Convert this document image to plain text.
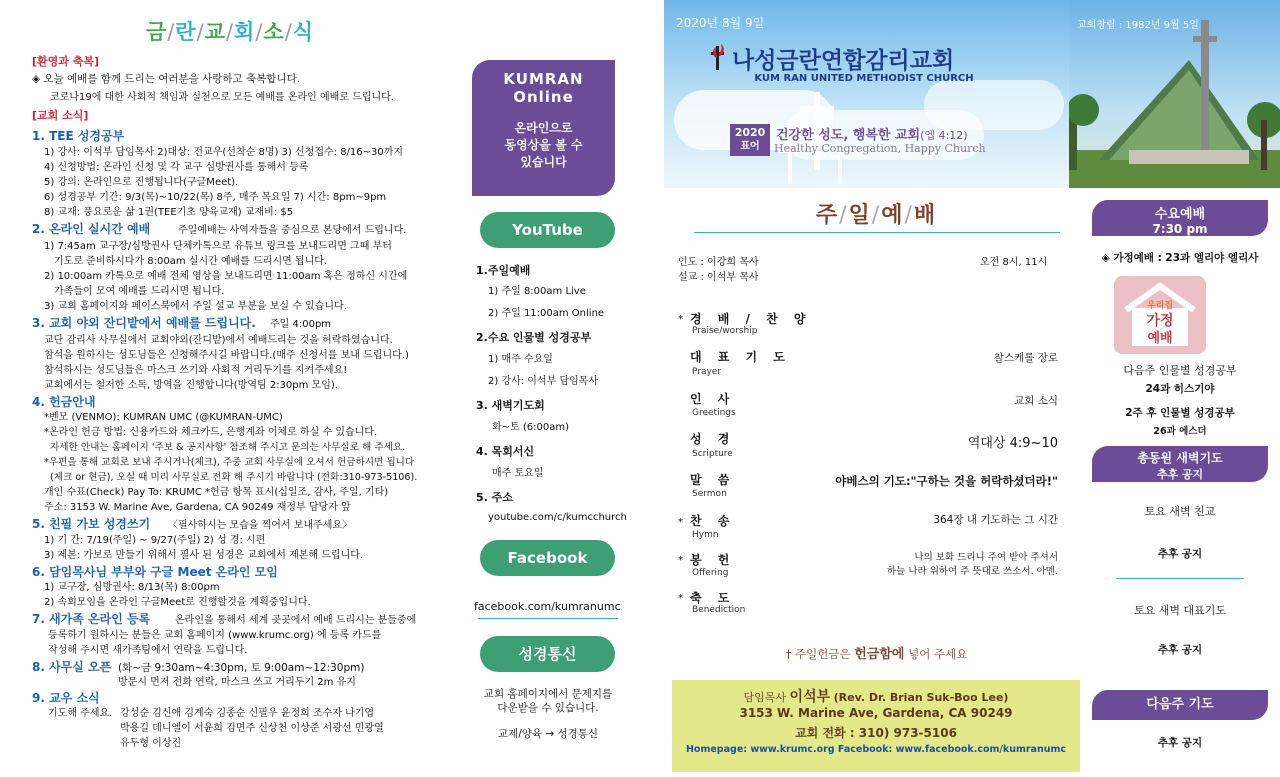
금/란/교/회/소/식
[환영과 축복]
◈ 오늘 예배를 함께 드리는 여러분을 사랑하고 축복합니다.
코로나19에 대한 사회적 책임과 실천으로 모든 예배를 온라인 예배로 드립니다.
[교회 소식]
1. TEE 성경공부
1) 강사: 이석부 담임목사 2)대상: 전교우(선착순 8명) 3) 신청접수: 8/16~30까지
4) 신청방법: 온라인 신청 및 각 교구 심방권사를 통해서 등록
5) 강의: 온라인으로 진행됩니다(구글Meet).
6) 성경공부 기간: 9/3(목)~10/22(목) 8주, 매주 목요일 7) 시간: 8pm~9pm
8) 교재: 풍요로운 삶 1권(TEE기초 양육교재) 교재비: $5
2. 온라인 실시간 예배	주일예배는 사역자들을 중심으로 본당에서 드립니다.
1) 7:45am 교구장/심방권사 단체카톡으로 유튜브 링크를 보내드리면 그때 부터
기도로 준비하시다가 8:00am 실시간 예배를 드리시면 됩니다.
2) 10:00am 카톡으로 예배 전체 영상을 보내드리면 11:00am 혹은 정하신 시간에
가족들이 모여 예배를 드리시면 됩니다.
3) 교회 홈페이지와 페이스북에서 주일 설교 부분을 보실 수 있습니다.
3. 교회 야외 잔디밭에서 예배를 드립니다. 주일 4:00pm
교단 감리사 사무실에서 교회야외(잔디밭)에서 예배드리는 것을 허락하였습니다.
참석을 원하시는 성도님들은 신청해주시길 바랍니다.(매주 신청서를 보내 드립니다.)
참석하시는 성도님들은 마스크 쓰기와 사회적 거리두기를 지켜주세요!
교회에서는 철저한 소독, 방역을 진행합니다(방역팀 2:30pm 모임).
4. 헌금안내
*벤모 (VENMO): KUMRAN UMC (@KUMRAN-UMC)
*온라인 헌금 방법: 신용카드와 체크카드, 은행계좌 이체로 하실 수 있습니다.
자세한 안내는 홈페이지 '주보 & 공지사항' 참조해 주시고 문의는 사무실로 해 주세요.
*우편을 통해 교회로 보내 주시거나(체크), 주중 교회 사무실에 오셔서 헌금하시면 됩니다
(체크 or 현금), 오실 때 미리 사무실로 전화 해 주시기 바랍니다 (전화:310-973-5106).
개인 수표(Check) Pay To: KRUMC *헌금 항목 표시(십일조, 감사, 주일, 기타)
주소: 3153 W. Marine Ave, Gardena, CA 90249 재정부 담당자 앞
5. 친필 가보 성경쓰기 〈필사하시는 모습을 찍어서 보내주세요〉
1) 기 간: 7/19(주일) ~ 9/27(주일) 2) 성 경: 시편
3) 제본: 가보로 만들기 위해서 필사 된 성경은 교회에서 제본해 드립니다.
6. 담임목사님 부부와 구글 Meet 온라인 모임
1) 교구장, 심방권사: 8/13(목) 8:00pm
2) 속회모임을 온라인 구글Meet로 진행할것을 계획중입니다.
7. 새가족 온라인 등록 온라인을 통해서 세계 곳곳에서 예배 드리시는 분들중에
등록하기 원하시는 분들은 교회 홈페이지 (www.krumc.org) 에 등록 카드를
작성해 주시면 새가족팀에서 연락을 드립니다.
8. 사무실 오픈 (화~금 9:30am~4:30pm, 토 9:00am~12:30pm)
방문시 먼저 전화 연락, 마스크 쓰고 거리두기 2m 유지
9. 교우 소식
기도해 주세요. 강성순 김신애 김계숙 김종순 신필우 윤정희 조수자 나기엽
박용길 데니엘이 서윤희 김면주 신상천 이상준 서광선 민광열
유두형 이상진
KUMRAN
Online
온라인으로
동영상을 볼 수
있습니다
YouTube
1.주일예배
1) 주일 8:00am Live
2) 주일 11:00am Online
2.수요 인물별 성경공부
1) 매주 수요일
2) 강사: 이석부 담임목사
3. 새벽기도회
화~토 (6:00am)
4. 목회서신
매주 토요일
5. 주소
youtube.com/c/kumcchurch
Facebook
facebook.com/kumranumc
성경통신
교회 홈페이지에서 문제지를
다운받을 수 있습니다.
교제/양육 → 성경통신
2020년 8월 9일
나성금란연합감리교회
KUM RAN UNITED METHODIST CHURCH
2020
표어
건강한 성도, 행복한 교회(엡 4:12)
Healthy Congregation, Happy Church
교회창립 : 1982년 9월 5일
주/일/예/배
인도 : 이강희 목사
설교 : 이석부 목사
오전 8시, 11시
* 경 배 / 찬 양
Praise/worship
대 표 기 도
Prayer
찰스케롤 장로
인 사
Greetings
교회 소식
성 경
Scripture
역대상 4:9~10
말 씀
Sermon
야베스의 기도:"구하는 것을 허락하셨더라!"
* 찬 송
Hymn
364장 내 기도하는 그 시간
* 봉 헌
Offering
나의 보화 드리니 주여 받아 주셔서
하늘 나라 위하여 주 뜻대로 쓰소서. 아멘.
* 축 도
Benediction
† 주일헌금은 헌금함에 넣어 주세요
담임목사 이석부 (Rev. Dr. Brian Suk-Boo Lee)
3153 W. Marine Ave, Gardena, CA 90249
교회 전화 : 310) 973-5106
Homepage: www.krumc.org Facebook: www.facebook.com/kumranumc
수요예배
7:30 pm
◈ 가정예배 : 23과 엘리야 엘리사
우리집
가정
예배
다음주 인물별 성경공부
24과 히스기야
2주 후 인물별 성경공부
26과 에스더
총동원 새벽기도
추후 공지
토요 새벽 친교
추후 공지
토요 새벽 대표기도
추후 공지
다음주 기도
추후 공지
